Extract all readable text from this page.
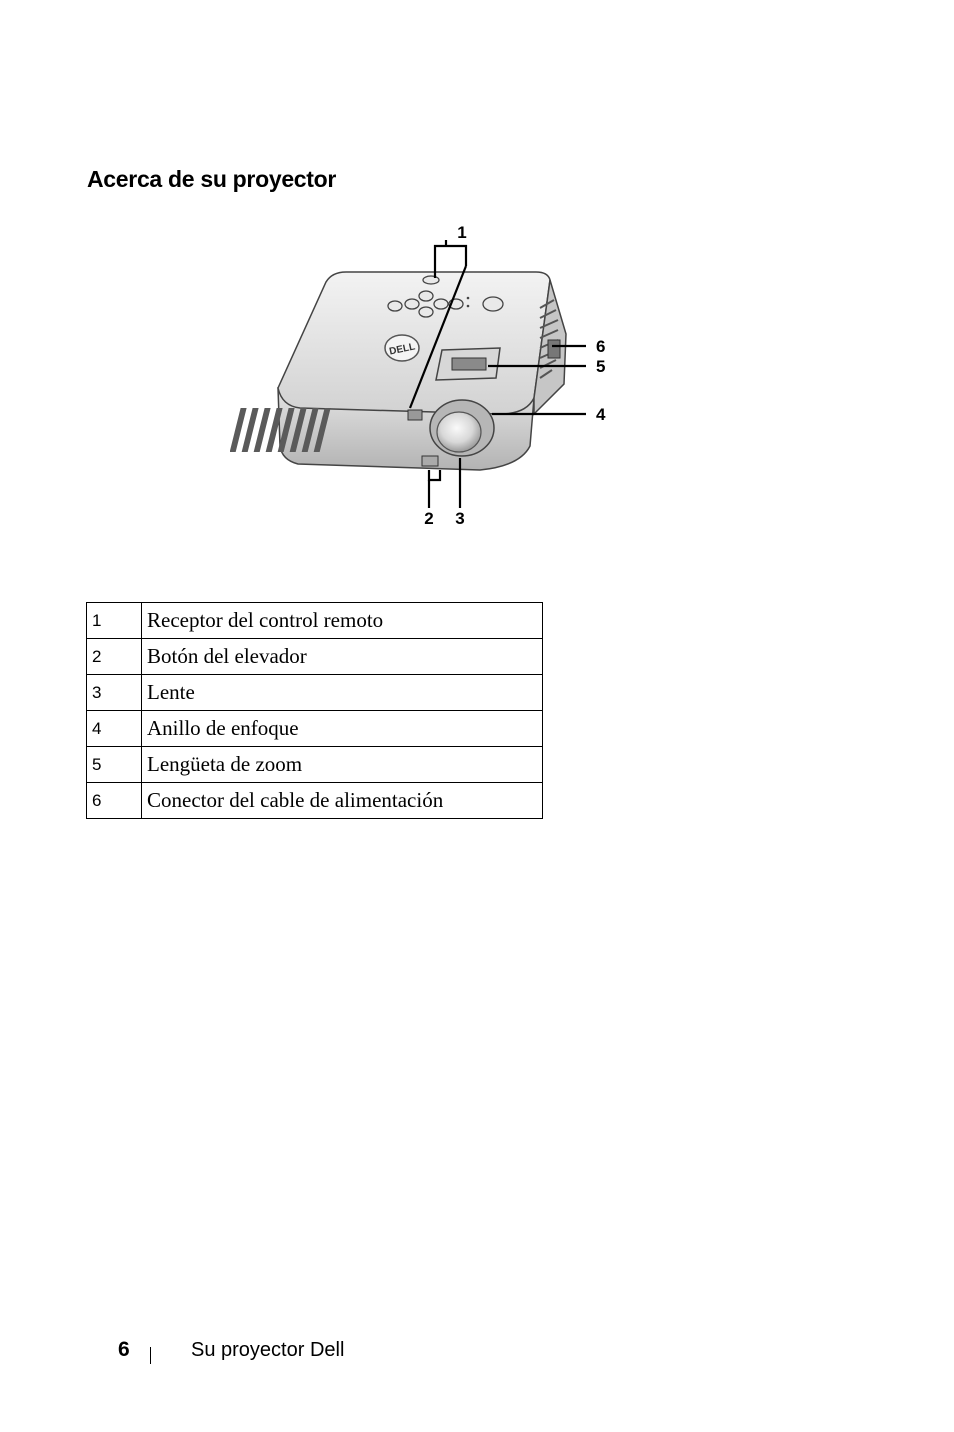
Acerca de su proyector
DELL
1
2 3
4
5
6
1	Receptor del control remoto
2	Botón del elevador
3	Lente
4	Anillo de enfoque
5	Lengüeta de zoom
6	Conector del cable de alimentación
6	Su proyector Dell
